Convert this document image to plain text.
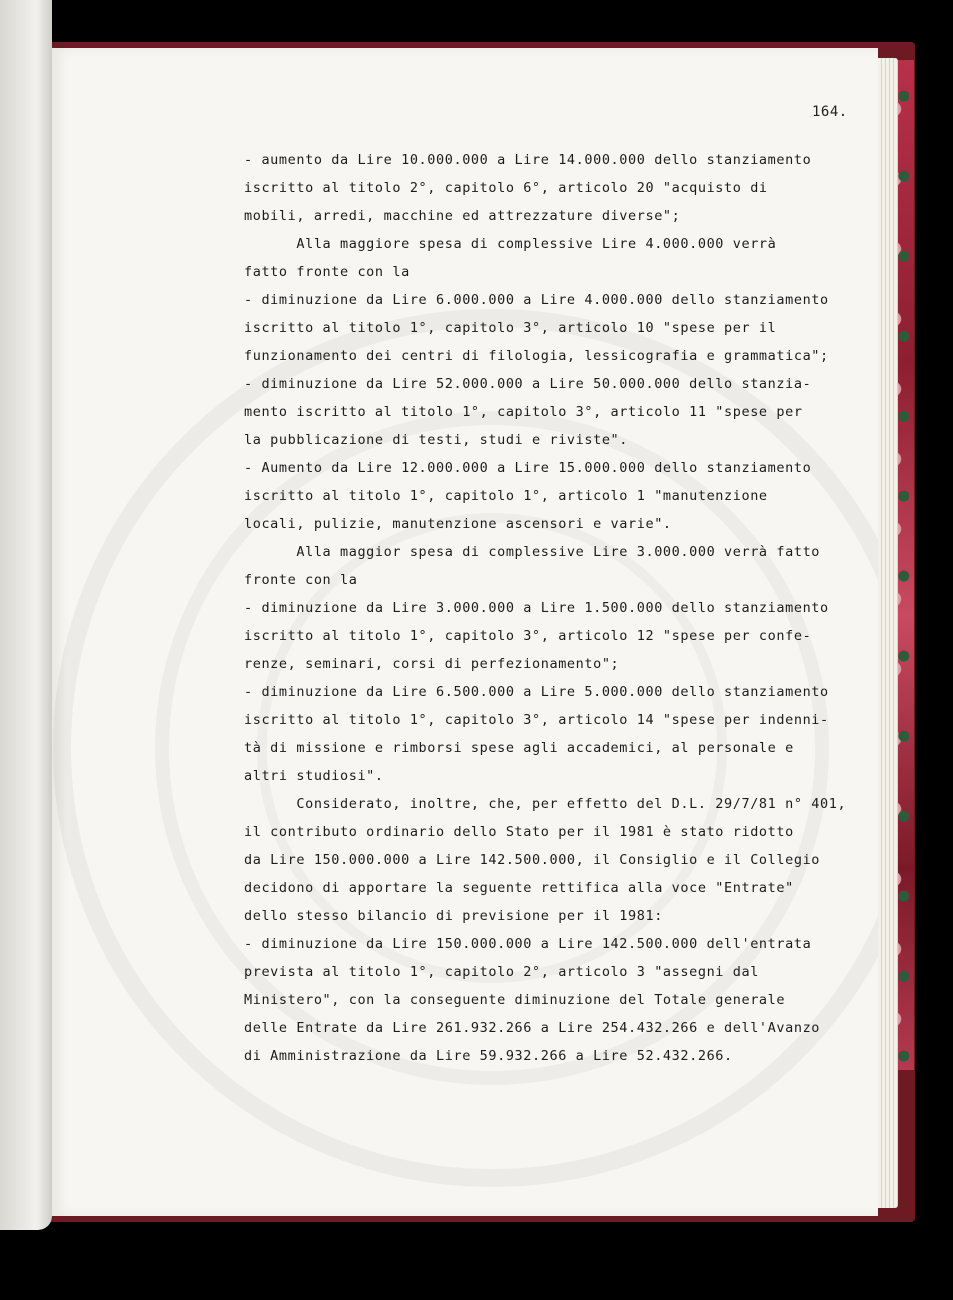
164.
- aumento da Lire 10.000.000 a Lire 14.000.000 dello stanziamento
iscritto al titolo 2°, capitolo 6°, articolo 20 "acquisto di
mobili, arredi, macchine ed attrezzature diverse";
Alla maggiore spesa di complessive Lire 4.000.000 verrà
fatto fronte con la
- diminuzione da Lire 6.000.000 a Lire 4.000.000 dello stanziamento
iscritto al titolo 1°, capitolo 3°, articolo 10 "spese per il
funzionamento dei centri di filologia, lessicografia e grammatica";
- diminuzione da Lire 52.000.000 a Lire 50.000.000 dello stanzia-
mento iscritto al titolo 1°, capitolo 3°, articolo 11 "spese per
la pubblicazione di testi, studi e riviste".
- Aumento da Lire 12.000.000 a Lire 15.000.000 dello stanziamento
iscritto al titolo 1°, capitolo 1°, articolo 1 "manutenzione
locali, pulizie, manutenzione ascensori e varie".
Alla maggior spesa di complessive Lire 3.000.000 verrà fatto
fronte con la
- diminuzione da Lire 3.000.000 a Lire 1.500.000 dello stanziamento
iscritto al titolo 1°, capitolo 3°, articolo 12 "spese per confe-
renze, seminari, corsi di perfezionamento";
- diminuzione da Lire 6.500.000 a Lire 5.000.000 dello stanziamento
iscritto al titolo 1°, capitolo 3°, articolo 14 "spese per indenni-
tà di missione e rimborsi spese agli accademici, al personale e
altri studiosi".
Considerato, inoltre, che, per effetto del D.L. 29/7/81 n° 401,
il contributo ordinario dello Stato per il 1981 è stato ridotto
da Lire 150.000.000 a Lire 142.500.000, il Consiglio e il Collegio
decidono di apportare la seguente rettifica alla voce "Entrate"
dello stesso bilancio di previsione per il 1981:
- diminuzione da Lire 150.000.000 a Lire 142.500.000 dell'entrata
prevista al titolo 1°, capitolo 2°, articolo 3 "assegni dal
Ministero", con la conseguente diminuzione del Totale generale
delle Entrate da Lire 261.932.266 a Lire 254.432.266 e dell'Avanzo
di Amministrazione da Lire 59.932.266 a Lire 52.432.266.
